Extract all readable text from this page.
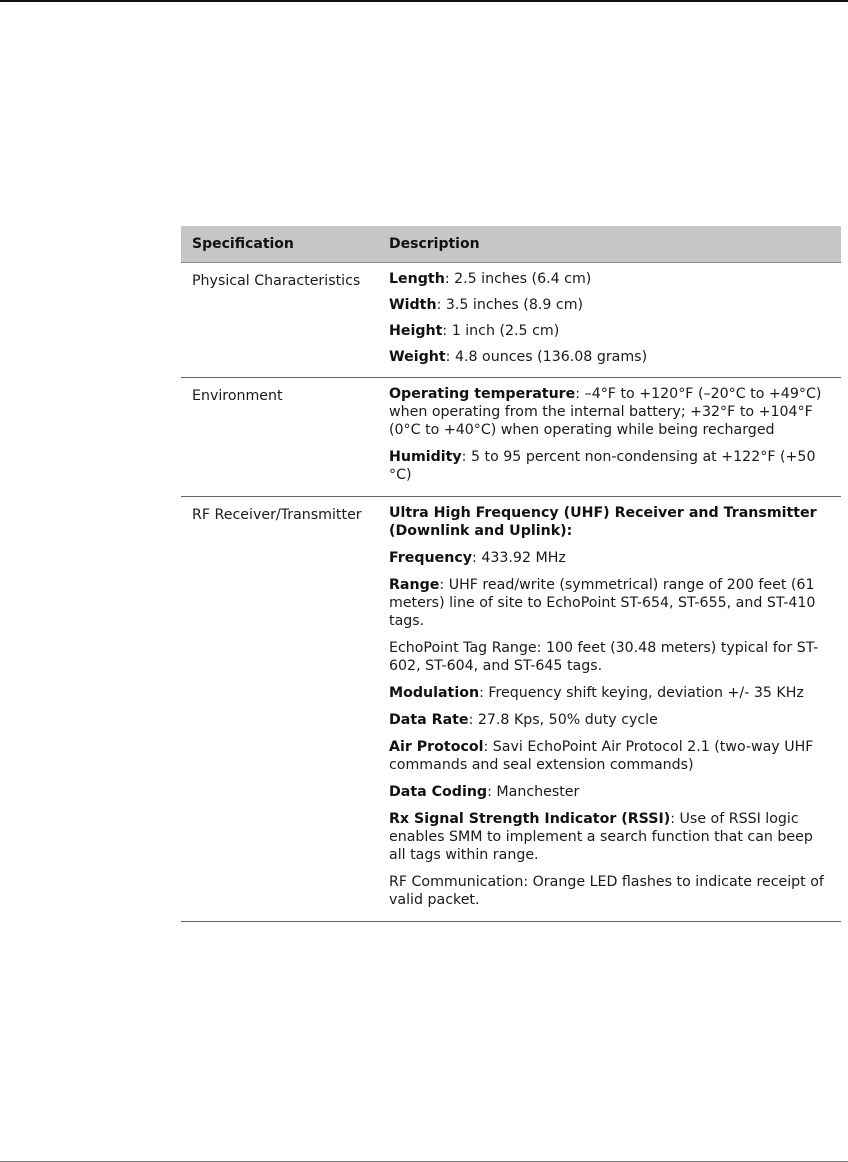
Specification	Description
Physical Characteristics	Length: 2.5 inches (6.4 cm)
Width: 3.5 inches (8.9 cm)
Height: 1 inch (2.5 cm)
Weight: 4.8 ounces (136.08 grams)
Environment	Operating temperature: –4°F to +120°F (–20°C to +49°C) when operating from the internal battery; +32°F to +104°F (0°C to +40°C) when operating while being recharged
Humidity: 5 to 95 percent non-condensing at +122°F (+50 °C)
RF Receiver/Transmitter	Ultra High Frequency (UHF) Receiver and Transmitter (Downlink and Uplink):
Frequency: 433.92 MHz
Range: UHF read/write (symmetrical) range of 200 feet (61 meters) line of site to EchoPoint ST-654, ST-655, and ST-410 tags.
EchoPoint Tag Range: 100 feet (30.48 meters) typical for ST-602, ST-604, and ST-645 tags.
Modulation: Frequency shift keying, deviation +/- 35 KHz
Data Rate: 27.8 Kps, 50% duty cycle
Air Protocol: Savi EchoPoint Air Protocol 2.1 (two-way UHF commands and seal extension commands)
Data Coding: Manchester
Rx Signal Strength Indicator (RSSI): Use of RSSI logic enables SMM to implement a search function that can beep all tags within range.
RF Communication: Orange LED flashes to indicate receipt of valid packet.
